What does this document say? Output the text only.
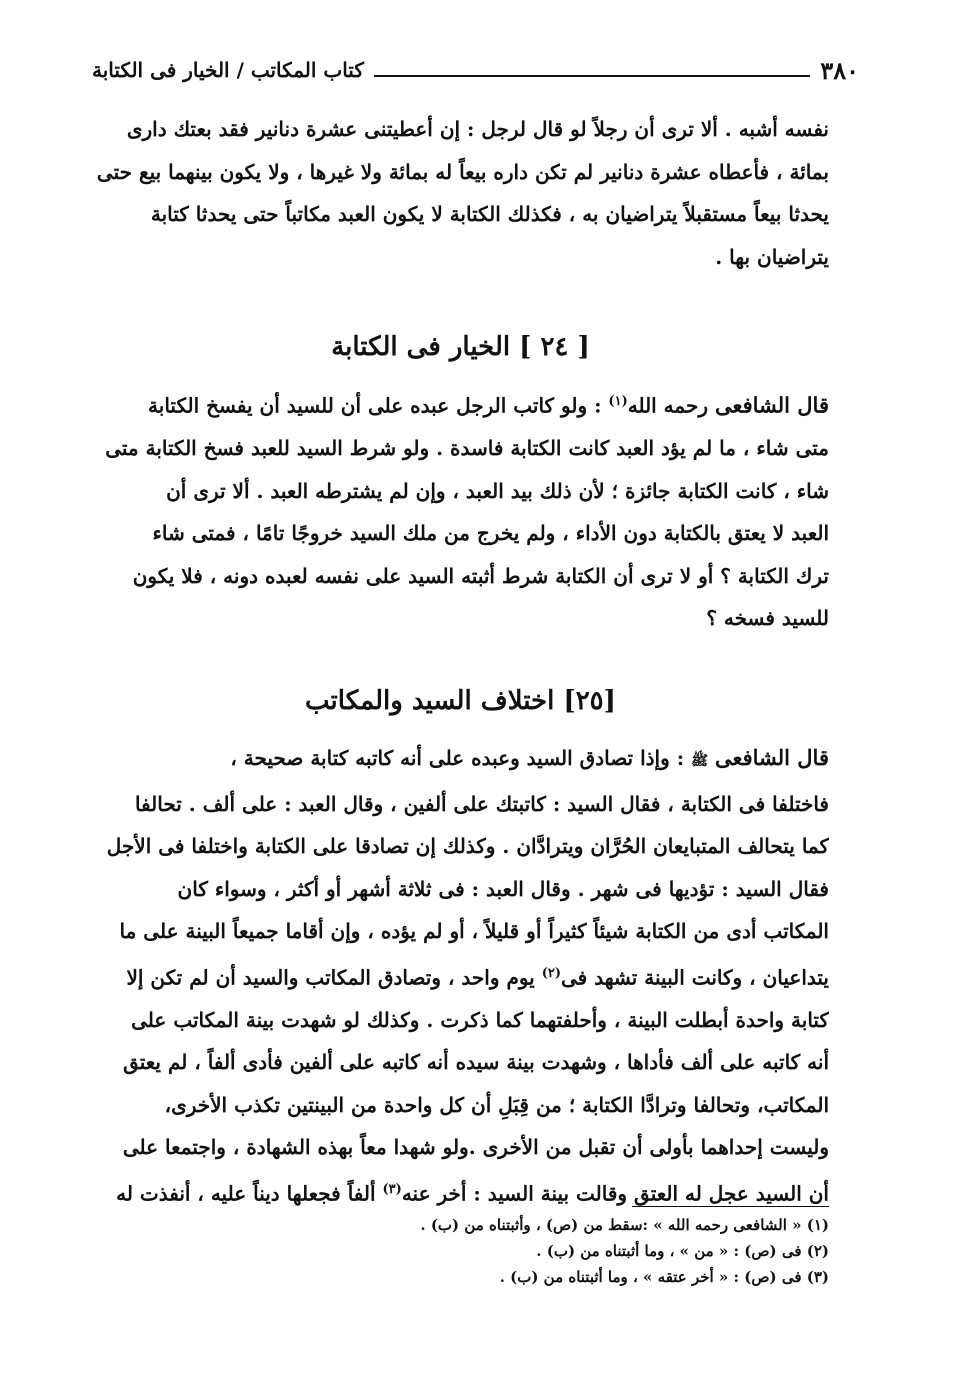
٣٨٠
كتاب المكاتب / الخيار فى الكتابة

نفسه أشبه . ألا ترى أن رجلاً لو قال لرجل : إن أعطيتنى عشرة دنانير فقد بعتك دارى

بمائة ، فأعطاه عشرة دنانير لم تكن داره بيعاً له بمائة ولا غيرها ، ولا يكون بينهما بيع حتى

يحدثا بيعاً مستقبلاً يتراضيان به ، فكذلك الكتابة لا يكون العبد مكاتباً حتى يحدثا كتابة

يتراضيان بها .

[ ٢٤ ] الخيار فى الكتابة

قال الشافعى رحمه الله$^{(١)}$ : ولو كاتب الرجل عبده على أن للسيد أن يفسخ الكتابة

متى شاء ، ما لم يؤد العبد كانت الكتابة فاسدة . ولو شرط السيد للعبد فسخ الكتابة متى

شاء ، كانت الكتابة جائزة ؛ لأن ذلك بيد العبد ، وإن لم يشترطه العبد . ألا ترى أن

العبد لا يعتق بالكتابة دون الأداء ، ولم يخرج من ملك السيد خروجًا تامًا ، فمتى شاء

ترك الكتابة ؟ أو لا ترى أن الكتابة شرط أثبته السيد على نفسه لعبده دونه ، فلا يكون

للسيد فسخه ؟

[٢٥] اختلاف السيد والمكاتب

قال الشافعى ﷺ : وإذا تصادق السيد وعبده على أنه كاتبه كتابة صحيحة ،

فاختلفا فى الكتابة ، فقال السيد : كاتبتك على ألفين ، وقال العبد : على ألف . تحالفا

كما يتحالف المتبايعان الحُرَّان ويترادَّان . وكذلك إن تصادقا على الكتابة واختلفا فى الأجل

فقال السيد : تؤديها فى شهر . وقال العبد : فى ثلاثة أشهر أو أكثر ، وسواء كان

المكاتب أدى من الكتابة شيئاً كثيراً أو قليلاً ، أو لم يؤده ، وإن أقاما جميعاً البينة على ما

يتداعيان ، وكانت البينة تشهد فى$^{(٢)}$ يوم واحد ، وتصادق المكاتب والسيد أن لم تكن إلا

كتابة واحدة أبطلت البينة ، وأحلفتهما كما ذكرت . وكذلك لو شهدت بينة المكاتب على

أنه كاتبه على ألف فأداها ، وشهدت بينة سيده أنه كاتبه على ألفين فأدى ألفاً ، لم يعتق

المكاتب، وتحالفا وترادَّا الكتابة ؛ من قِبَلِ أن كل واحدة من البينتين تكذب الأخرى،

وليست إحداهما بأولى أن تقبل من الأخرى .ولو شهدا معاً بهذه الشهادة ، واجتمعا على

أن السيد عجل له العتق وقالت بينة السيد : أخر عنه$^{(٣)}$ ألفاً فجعلها ديناً عليه ، أنفذت له

(١) « الشافعى رحمه الله » :سقط من (ص) ، وأثبتناه من (ب) .
(٢) فى (ص) : « من » ، وما أثبتناه من (ب) .
(٣) فى (ص) : « أخر عتقه » ، وما أثبتناه من (ب) .
